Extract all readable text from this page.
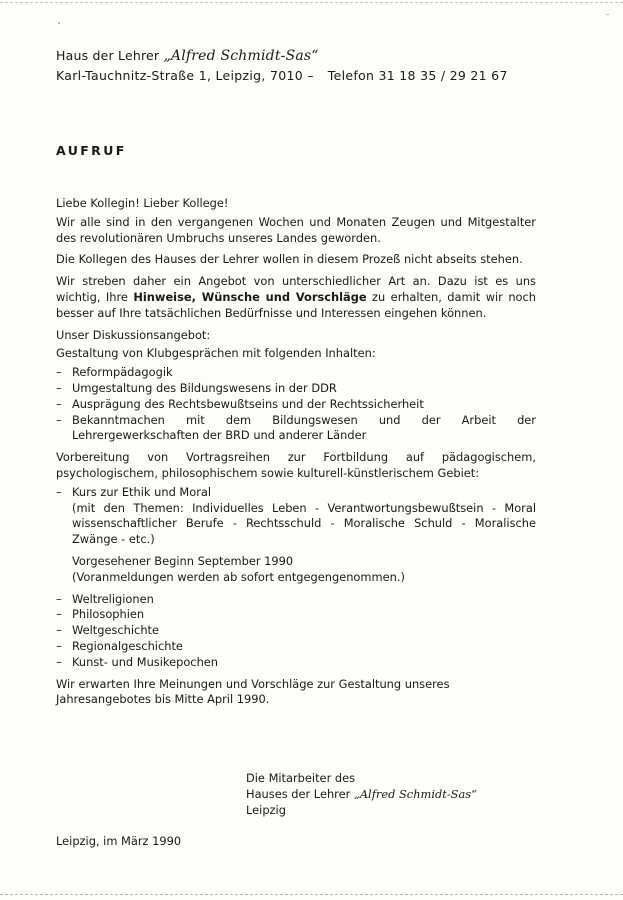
Haus der Lehrer „Alfred Schmidt-Sas“
Karl-Tauchnitz-Straße 1, Leipzig, 7010 – Telefon 31 18 35 / 29 21 67
AUFRUF

Liebe Kollegin! Lieber Kollege!

Wir alle sind in den vergangenen Wochen und Monaten Zeugen und Mitgestalter des revolutionären Umbruchs unseres Landes geworden.

Die Kollegen des Hauses der Lehrer wollen in diesem Prozeß nicht abseits stehen.

Wir streben daher ein Angebot von unterschiedlicher Art an. Dazu ist es uns wichtig, Ihre Hinweise, Wünsche und Vorschläge zu erhalten, damit wir noch besser auf Ihre tatsächlichen Bedürfnisse und Interessen eingehen können.

Unser Diskussionsangebot:

Gestaltung von Klubgesprächen mit folgenden Inhalten:

– Reformpädagogik
– Umgestaltung des Bildungswesens in der DDR
– Ausprägung des Rechtsbewußtseins und der Rechtssicherheit
– Bekanntmachen mit dem Bildungswesen und der Arbeit der Lehrergewerkschaften der BRD und anderer Länder

Vorbereitung von Vortragsreihen zur Fortbildung auf pädagogischem, psychologischem, philosophischem sowie kulturell-künstlerischem Gebiet:

– Kurs zur Ethik und Moral

(mit den Themen: Individuelles Leben - Verantwortungsbewußtsein - Moral wissenschaftlicher Berufe - Rechtsschuld - Moralische Schuld - Moralische Zwänge - etc.)

Vorgesehener Beginn September 1990

(Voranmeldungen werden ab sofort entgegengenommen.)

– Weltreligionen
– Philosophien
– Weltgeschichte
– Regionalgeschichte
– Kunst- und Musikepochen

Wir erwarten Ihre Meinungen und Vorschläge zur Gestaltung unseres Jahresangebotes bis Mitte April 1990.

Die Mitarbeiter des
Hauses der Lehrer „Alfred Schmidt-Sas“
Leipzig
Leipzig, im März 1990
